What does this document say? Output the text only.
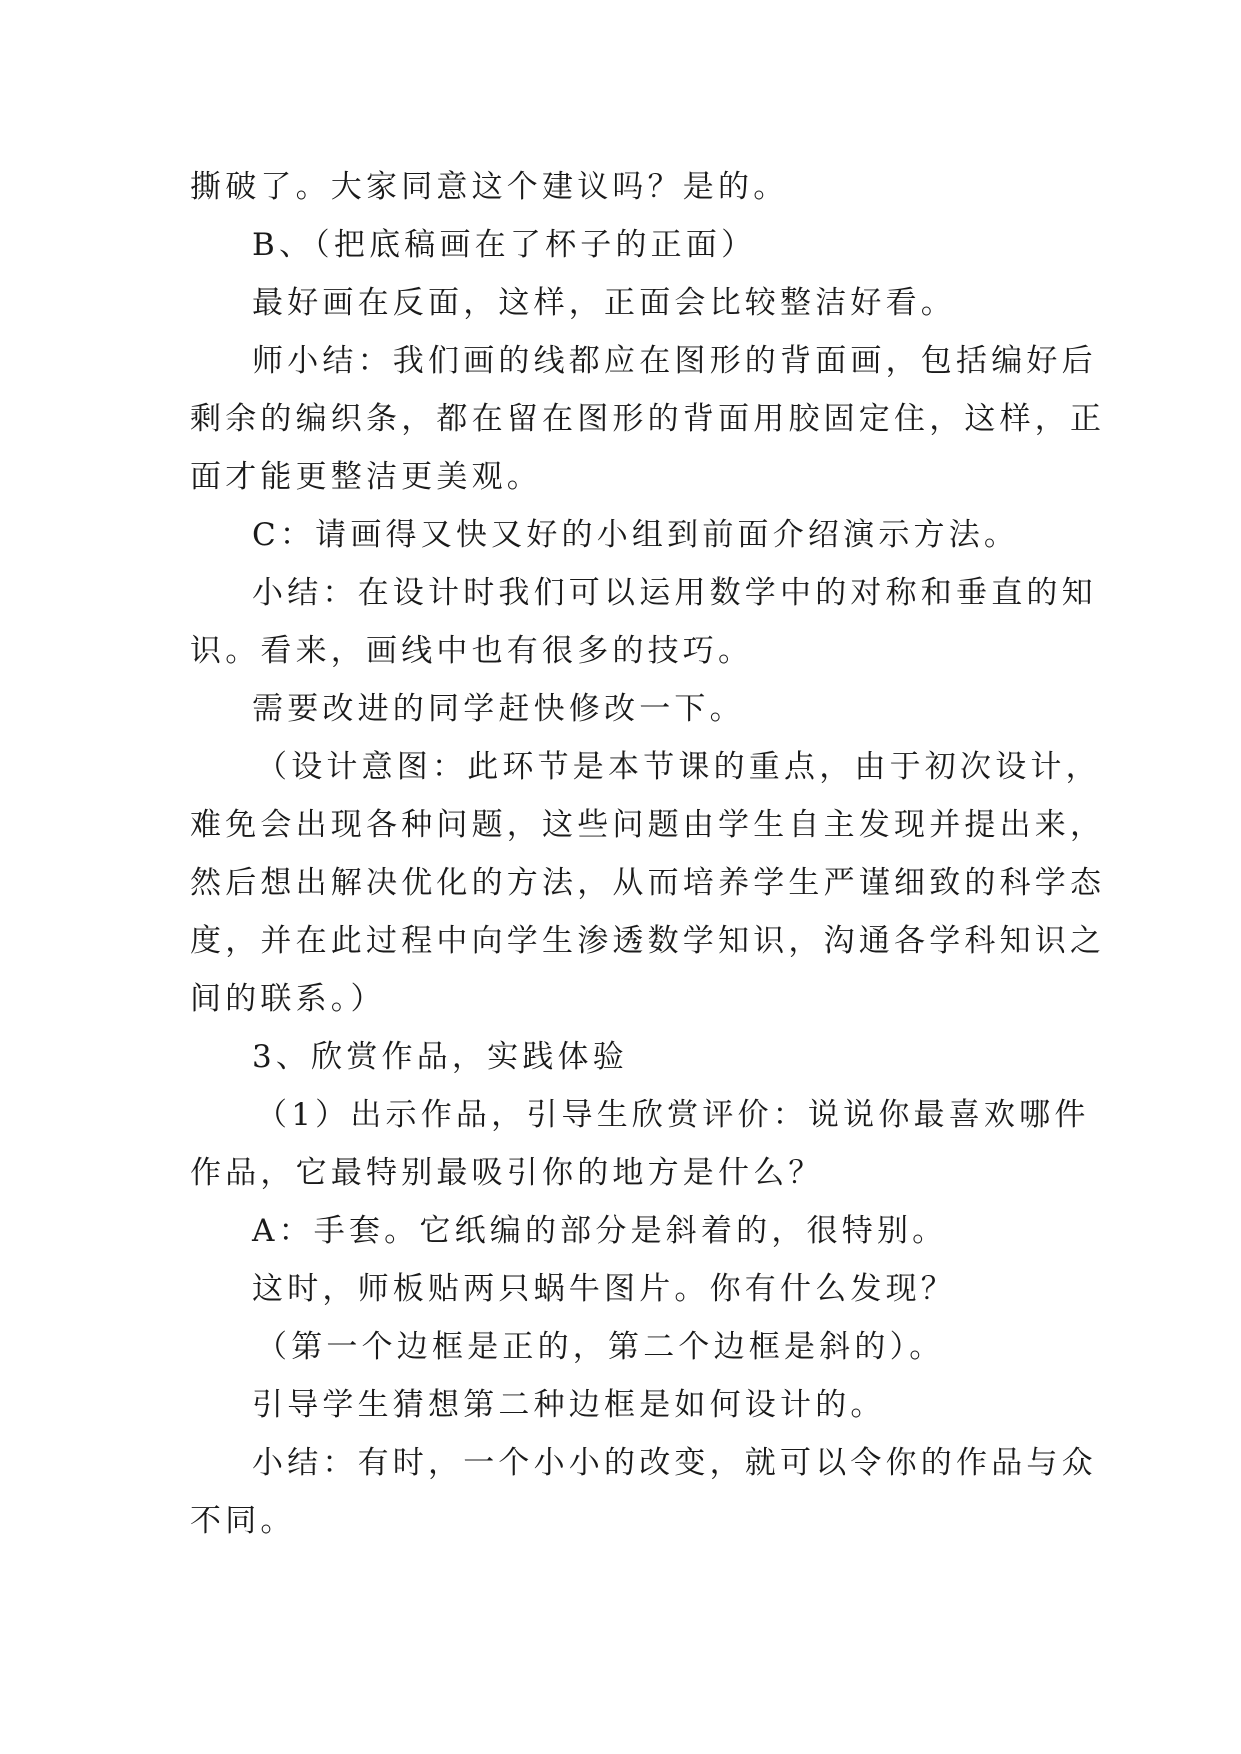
撕破了。大家同意这个建议吗？是的。

B、（把底稿画在了杯子的正面）

最好画在反面，这样，正面会比较整洁好看。

师小结：我们画的线都应在图形的背面画，包括编好后

剩余的编织条，都在留在图形的背面用胶固定住，这样，正

面才能更整洁更美观。

C：请画得又快又好的小组到前面介绍演示方法。

小结：在设计时我们可以运用数学中的对称和垂直的知

识。看来，画线中也有很多的技巧。

需要改进的同学赶快修改一下。

（设计意图：此环节是本节课的重点，由于初次设计，

难免会出现各种问题，这些问题由学生自主发现并提出来，

然后想出解决优化的方法，从而培养学生严谨细致的科学态

度，并在此过程中向学生渗透数学知识，沟通各学科知识之

间的联系。）

3、欣赏作品，实践体验

（1）出示作品，引导生欣赏评价：说说你最喜欢哪件

作品，它最特别最吸引你的地方是什么？

A：手套。它纸编的部分是斜着的，很特别。

这时，师板贴两只蜗牛图片。你有什么发现？

（第一个边框是正的，第二个边框是斜的）。

引导学生猜想第二种边框是如何设计的。

小结：有时，一个小小的改变，就可以令你的作品与众

不同。
